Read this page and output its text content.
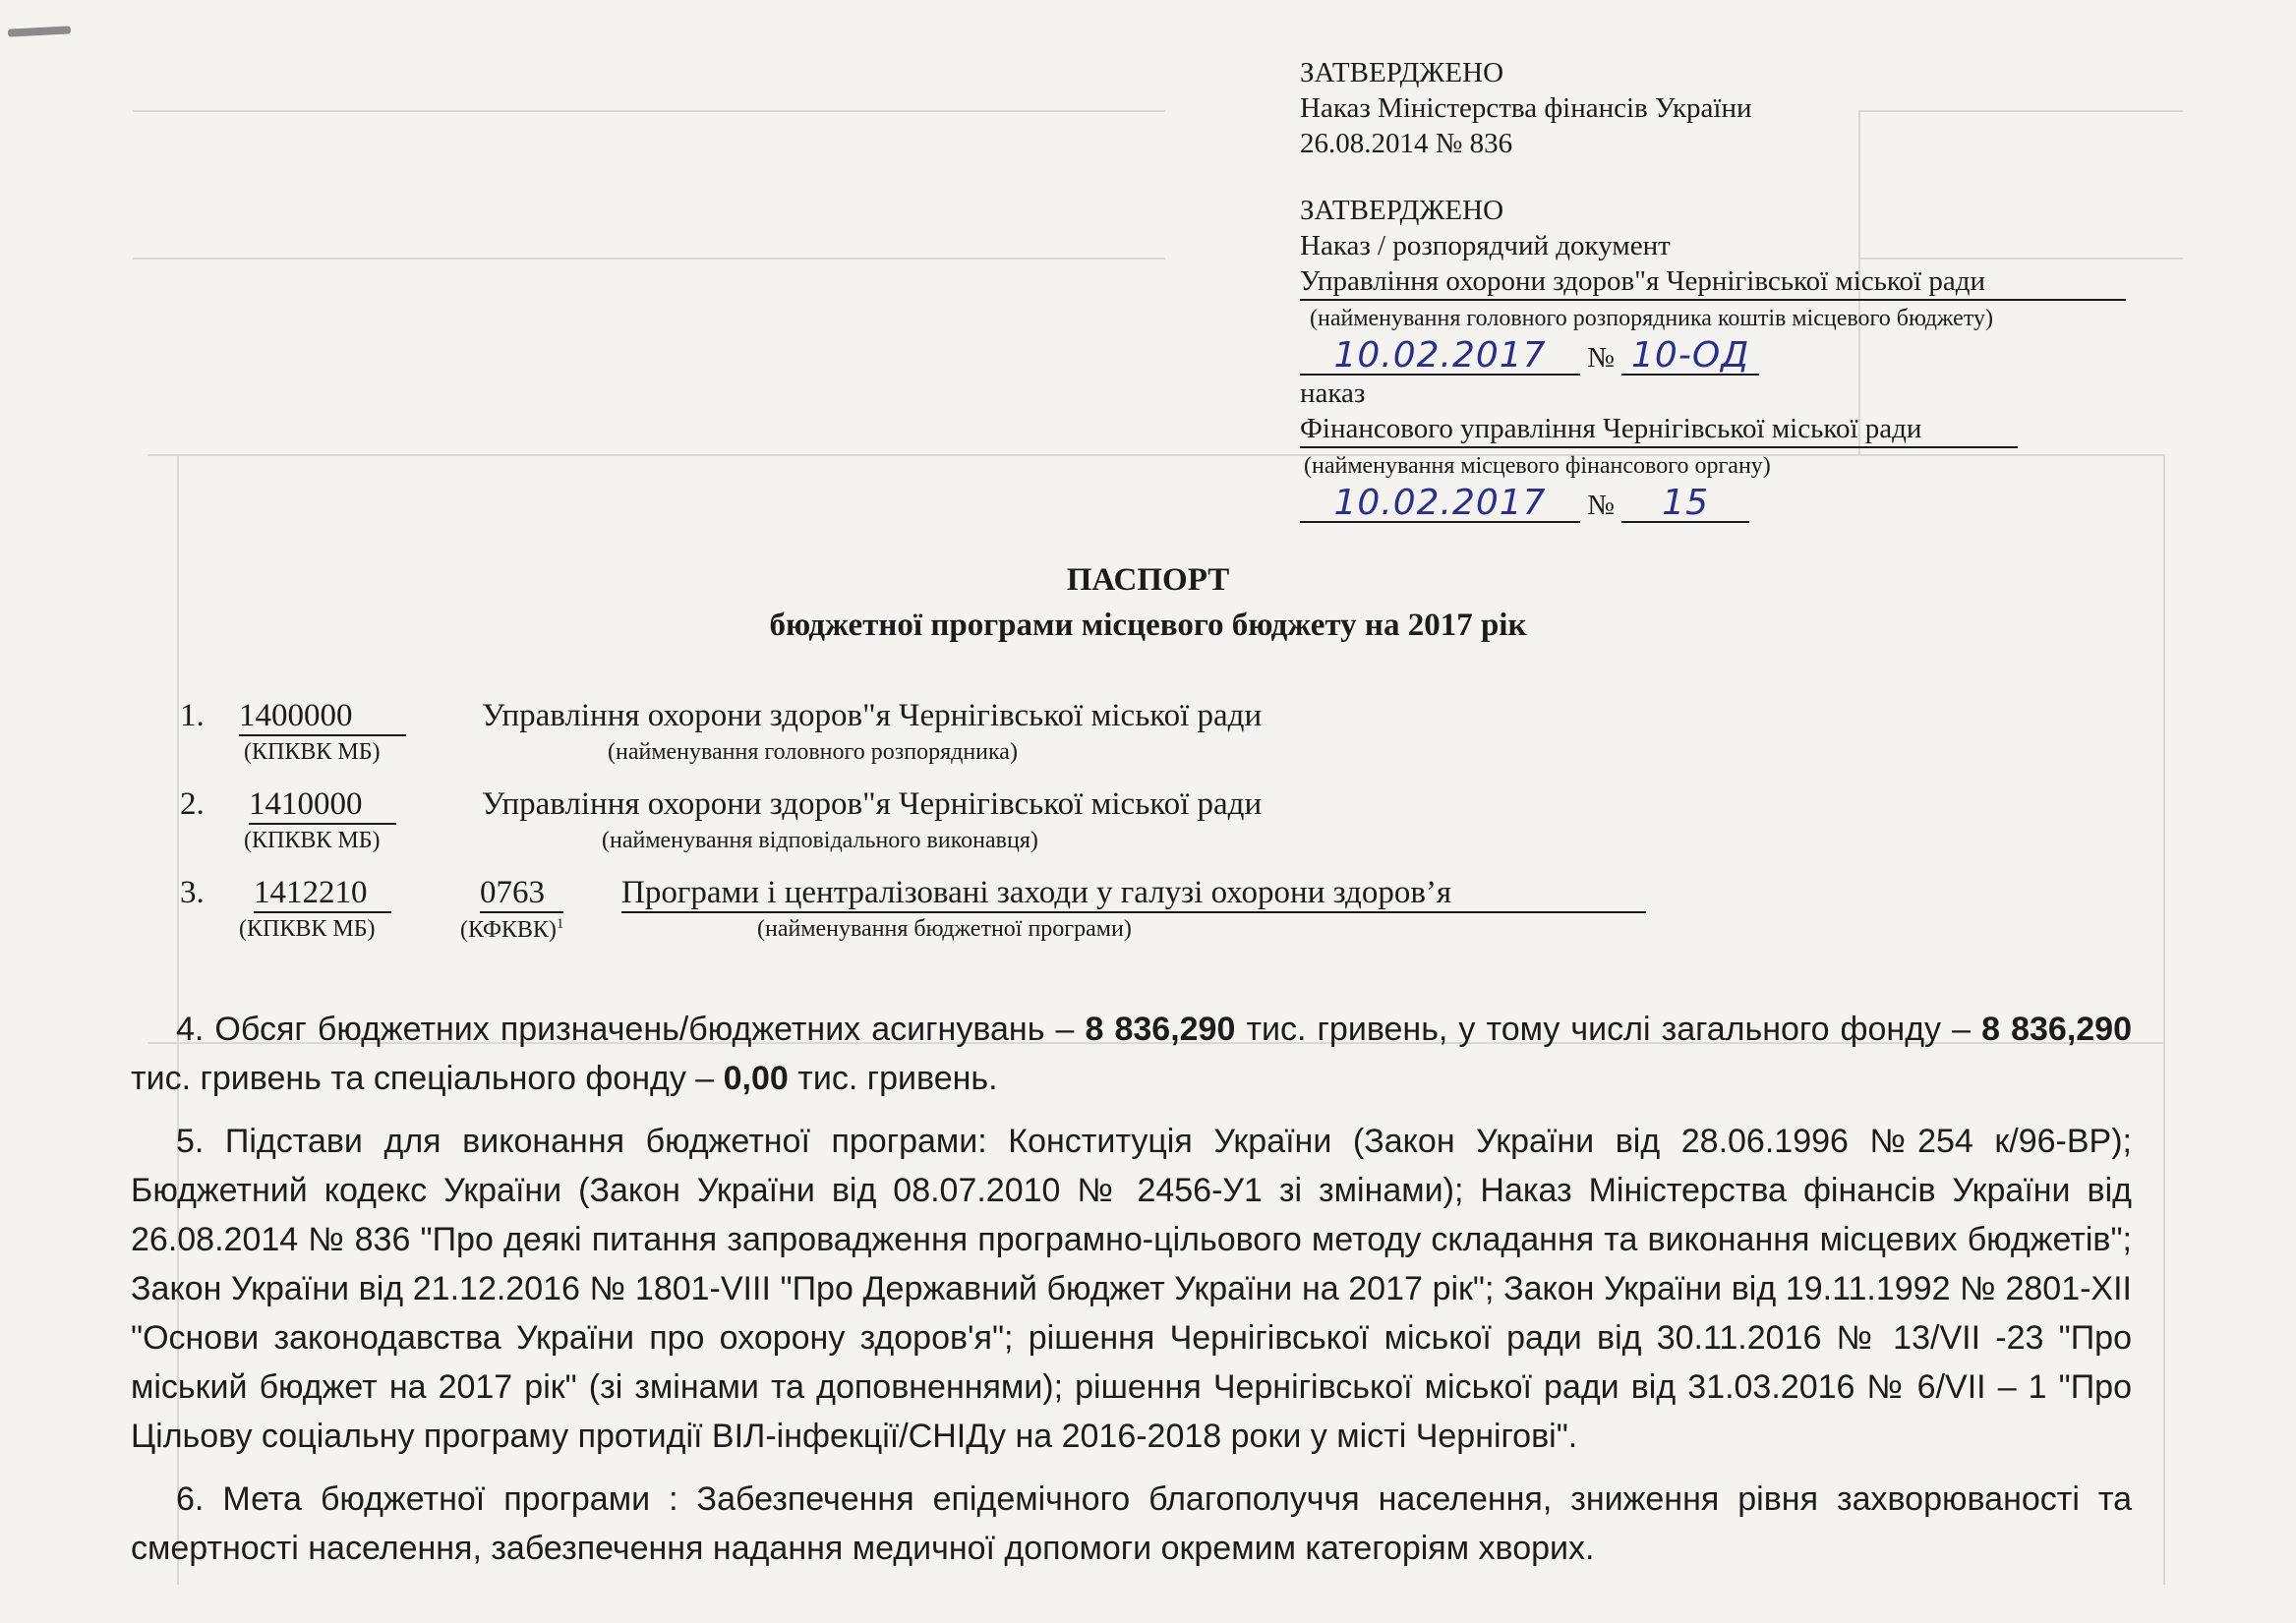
ЗАТВЕРДЖЕНО
Наказ Міністерства фінансів України
26.08.2014 № 836
ЗАТВЕРДЖЕНО
Наказ / розпорядчий документ
Управління охорони здоров"я Чернігівської міської ради
(найменування головного розпорядника коштів місцевого бюджету)
10.02.2017 № 10-ОД
наказ
Фінансового управління Чернігівської міської ради
(найменування місцевого фінансового органу)
10.02.2017 № 15
ПАСПОРТ
бюджетної програми місцевого бюджету на 2017 рік
1. 1400000
(КПКВК МБ)
Управління охорони здоров"я Чернігівської міської ради
(найменування головного розпорядника)
2. 1410000
(КПКВК МБ)
Управління охорони здоров"я Чернігівської міської ради
(найменування відповідального виконавця)
3. 1412210
(КПКВК МБ)
0763
(КФКВК)$^1$
Програми і централізовані заходи у галузі охорони здоров’я
(найменування бюджетної програми)
4. Обсяг бюджетних призначень/бюджетних асигнувань – 8 836,290 тис. гривень, у тому числі загального фонду – 8 836,290 тис. гривень та спеціального фонду – 0,00 тис. гривень.
5. Підстави для виконання бюджетної програми: Конституція України (Закон України від 28.06.1996 №254 к/96-ВР); Бюджетний кодекс України (Закон України від 08.07.2010 № 2456-У1 зі змінами); Наказ Міністерства фінансів України від 26.08.2014 № 836 "Про деякі питання запровадження програмно-цільового методу складання та виконання місцевих бюджетів"; Закон України від 21.12.2016 № 1801-VIII "Про Державний бюджет України на 2017 рік"; Закон України від 19.11.1992 № 2801-XII "Основи законодавства України про охорону здоров'я"; рішення Чернігівської міської ради від 30.11.2016 № 13/VII -23 "Про міський бюджет на 2017 рік" (зі змінами та доповненнями); рішення Чернігівської міської ради від 31.03.2016 № 6/VII – 1 "Про Цільову соціальну програму протидії ВІЛ-інфекції/СНІДу на 2016-2018 роки у місті Чернігові".
6. Мета бюджетної програми : Забезпечення епідемічного благополуччя населення, зниження рівня захворюваності та смертності населення, забезпечення надання медичної допомоги окремим категоріям хворих.
